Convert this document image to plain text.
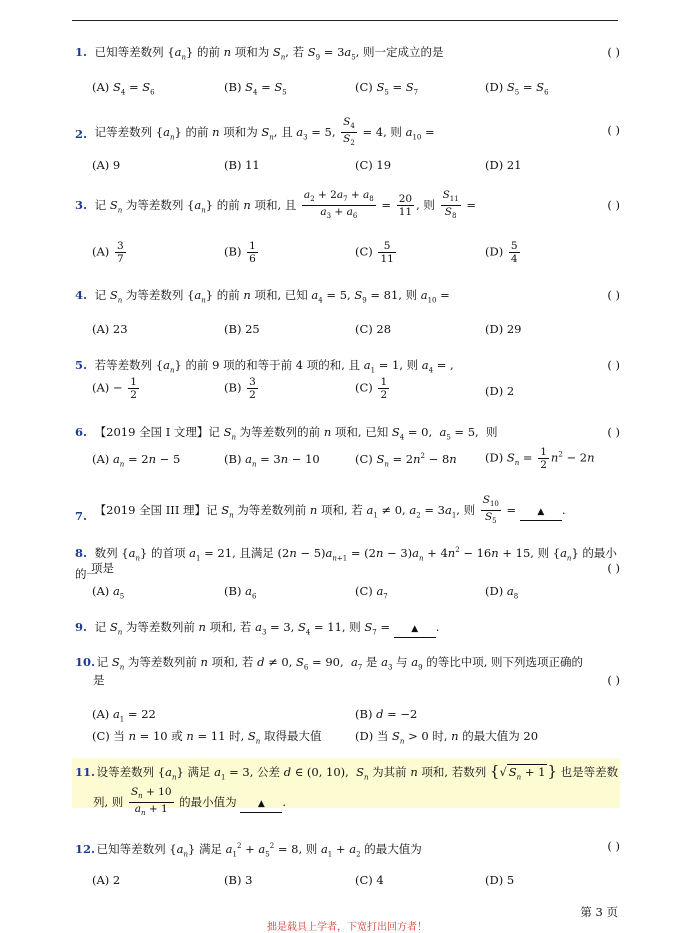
1. 已知等差数列 $\{a_n\}$ 的前 n 项和为 $S_n$, 若 $S_9 = 3a_5$, 则一定成立的是	( )
(A) $S_4 = S_6$	(B) $S_4 = S_5$	(C) $S_5 = S_7$	(D) $S_5 = S_6$
2. 记等差数列 $\{a_n\}$ 的前 n 项和为 $S_n$, 且 $a_3 = 5$, $\frac{S_4}{S_2} = 4$, 则 $a_{10}$ =	( )
(A) 9	(B) 11	(C) 19	(D) 21
3. 记 $S_n$ 为等差数列 $\{a_n\}$ 的前 n 项和, 且 $\frac{a_2 + 2a_7 + a_8}{a_3 + a_6} = \frac{20}{11}$ , 则 $\frac{S_{11}}{S_8}$ =	( )
$(A) \frac{3}{7}$	$(B) \frac{1}{6}$	$(C) \frac{5}{11}$	$(D) \frac{5}{4}$
4. 记 $S_n$ 为等差数列 $\{a_n\}$ 的前 n 项和, 已知 $a_4 = 5$, $S_9 = 81$, 则 $a_{10}$ =	( )
(A) 23	(B) 25	(C) 28	(D) 29
5. 若等差数列 $\{a_n\}$ 的前 9 项的和等于前 4 项的和, 且 $a_1 = 1$, 则 $a_4$ = ,	( )
$(A) - \frac{1}{2}$	$(B) \frac{3}{2}$	$(C) \frac{1}{2}$	(D) 2
6. 【2019 全国 I 文理】记 $S_n$ 为等差数列的前 n 项和, 已知 $S_4 = 0$,  $a_5 = 5$,  则	( )
(A) $a_n = 2n - 5$	(B) $a_n = 3n - 10$	(C) $S_n = 2n^2 - 8n$ (D) $S_n = \frac{1}{2} n^2 - 2n$
7. 【2019 全国 III 理】记 $S_n$ 为等差数列前 n 项和, 若 $a_1 \ne 0$, $a_2 = 3a_1$, 则 $\frac{S_{10}}{S_5}$ = ▲ .
8. 数列 $\{a_n\}$ 的首项 $a_1 = 21$, 且满足 $(2n - 5)a_{n+1} = (2n - 3)a_n + 4n^2 - 16n + 15$, 则 $\{a_n\}$ 的最小的一
项是	( )
(A) $a_5$	(B) $a_6$	(C) $a_7$	(D) $a_8$
9. 记 $S_n$ 为等差数列前 n 项和, 若 $a_3 = 3$, $S_4 = 11$, 则 $S_7$ = ▲ .
10. 记 $S_n$ 为等差数列前 n 项和, 若 d ≠ 0, $S_6 = 90$,  $a_7$ 是 $a_3$ 与 $a_9$ 的等比中项, 则下列选项正确的
是	( )
(A) $a_1 = 22$	(B) d = −2
(C) 当 n = 10 或 n = 11 时, $S_n$ 取得最大值	(D) 当 $S_n > 0$ 时, n 的最大值为 20
11. 设等差数列 $\{a_n\}$ 满足 $a_1 = 3$, 公差 d ∈ (0, 10),  $S_n$ 为其前 n 项和, 若数列 {√ $S_n + 1$ } 也是等差数
列, 则 $\frac{S_n + 10}{a_n + 1}$ 的最小值为 ▲ .
12. 已知等差数列 $\{a_n\}$ 满足 $a_1^2 + a_5^2 = 8$, 则 $a_1 + a_2$ 的最大值为	( )
(A) 2	(B) 3	(C) 4	(D) 5
第 3 页
拙是载具上学者，下宽打出回方者！
